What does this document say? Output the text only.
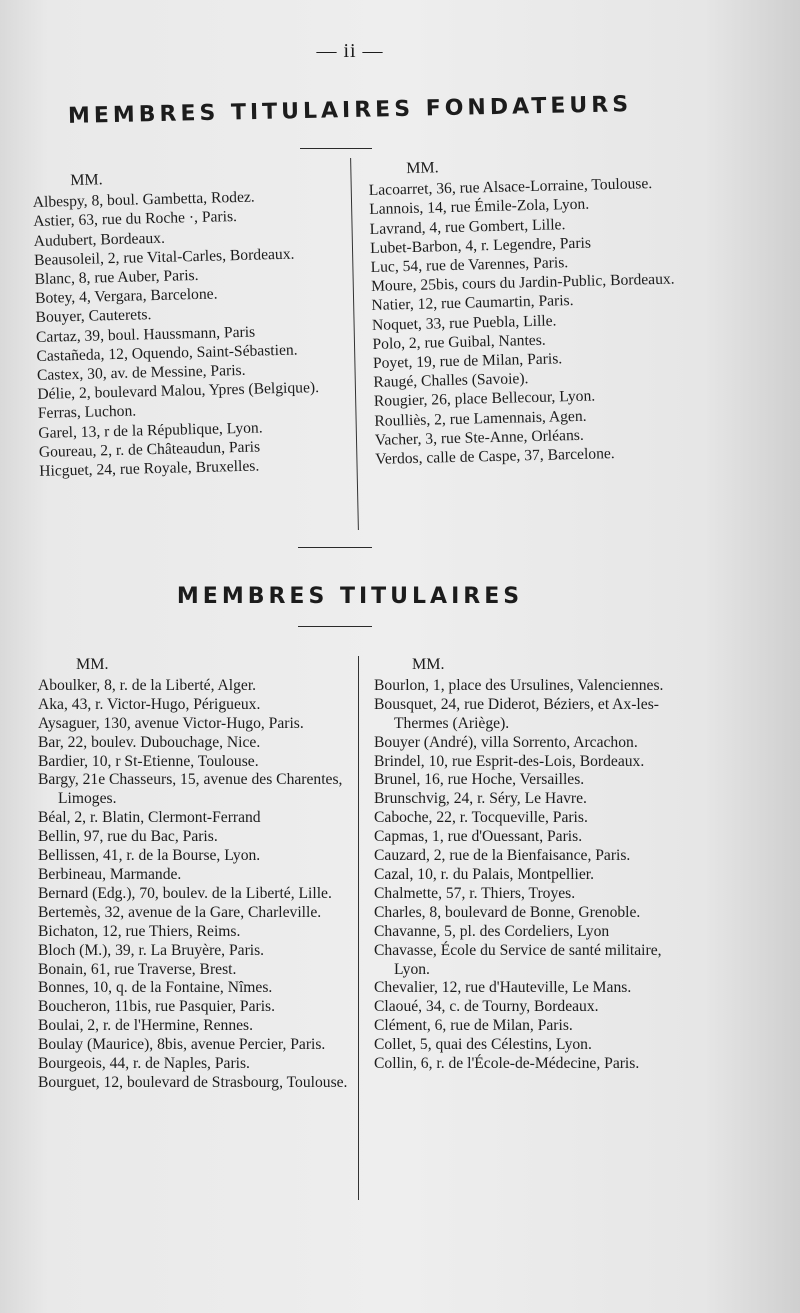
— ii —
MEMBRES TITULAIRES FONDATEURS
MM.

Albespy, 8, boul. Gambetta, Rodez.

Astier, 63, rue du Roche ·, Paris.

Audubert, Bordeaux.

Beausoleil, 2, rue Vital-Carles, Bordeaux.

Blanc, 8, rue Auber, Paris.

Botey, 4, Vergara, Barcelone.

Bouyer, Cauterets.

Cartaz, 39, boul. Haussmann, Paris

Castañeda, 12, Oquendo, Saint-Sébastien.

Castex, 30, av. de Messine, Paris.

Délie, 2, boulevard Malou, Ypres (Belgique).

Ferras, Luchon.

Garel, 13, r de la République, Lyon.

Goureau, 2, r. de Châteaudun, Paris

Hicguet, 24, rue Royale, Bruxelles.

MM.

Lacoarret, 36, rue Alsace-Lorraine, Toulouse.

Lannois, 14, rue Émile-Zola, Lyon.

Lavrand, 4, rue Gombert, Lille.

Lubet-Barbon, 4, r. Legendre, Paris

Luc, 54, rue de Varennes, Paris.

Moure, 25bis, cours du Jardin-Public, Bordeaux.

Natier, 12, rue Caumartin, Paris.

Noquet, 33, rue Puebla, Lille.

Polo, 2, rue Guibal, Nantes.

Poyet, 19, rue de Milan, Paris.

Raugé, Challes (Savoie).

Rougier, 26, place Bellecour, Lyon.

Roulliès, 2, rue Lamennais, Agen.

Vacher, 3, rue Ste-Anne, Orléans.

Verdos, calle de Caspe, 37, Barcelone.

MEMBRES TITULAIRES
MM.

Aboulker, 8, r. de la Liberté, Alger.

Aka, 43, r. Victor-Hugo, Périgueux.

Aysaguer, 130, avenue Victor-Hugo, Paris.

Bar, 22, boulev. Dubouchage, Nice.

Bardier, 10, r St-Etienne, Toulouse.

Bargy, 21e Chasseurs, 15, avenue des Charentes, Limoges.

Béal, 2, r. Blatin, Clermont-Ferrand

Bellin, 97, rue du Bac, Paris.

Bellissen, 41, r. de la Bourse, Lyon.

Berbineau, Marmande.

Bernard (Edg.), 70, boulev. de la Liberté, Lille.

Bertemès, 32, avenue de la Gare, Charleville.

Bichaton, 12, rue Thiers, Reims.

Bloch (M.), 39, r. La Bruyère, Paris.

Bonain, 61, rue Traverse, Brest.

Bonnes, 10, q. de la Fontaine, Nîmes.

Boucheron, 11bis, rue Pasquier, Paris.

Boulai, 2, r. de l'Hermine, Rennes.

Boulay (Maurice), 8bis, avenue Percier, Paris.

Bourgeois, 44, r. de Naples, Paris.

Bourguet, 12, boulevard de Strasbourg, Toulouse.

MM.

Bourlon, 1, place des Ursulines, Valenciennes.

Bousquet, 24, rue Diderot, Béziers, et Ax-les-Thermes (Ariège).

Bouyer (André), villa Sorrento, Arcachon.

Brindel, 10, rue Esprit-des-Lois, Bordeaux.

Brunel, 16, rue Hoche, Versailles.

Brunschvig, 24, r. Séry, Le Havre.

Caboche, 22, r. Tocqueville, Paris.

Capmas, 1, rue d'Ouessant, Paris.

Cauzard, 2, rue de la Bienfaisance, Paris.

Cazal, 10, r. du Palais, Montpellier.

Chalmette, 57, r. Thiers, Troyes.

Charles, 8, boulevard de Bonne, Grenoble.

Chavanne, 5, pl. des Cordeliers, Lyon

Chavasse, École du Service de santé militaire, Lyon.

Chevalier, 12, rue d'Hauteville, Le Mans.

Claoué, 34, c. de Tourny, Bordeaux.

Clément, 6, rue de Milan, Paris.

Collet, 5, quai des Célestins, Lyon.

Collin, 6, r. de l'École-de-Médecine, Paris.
